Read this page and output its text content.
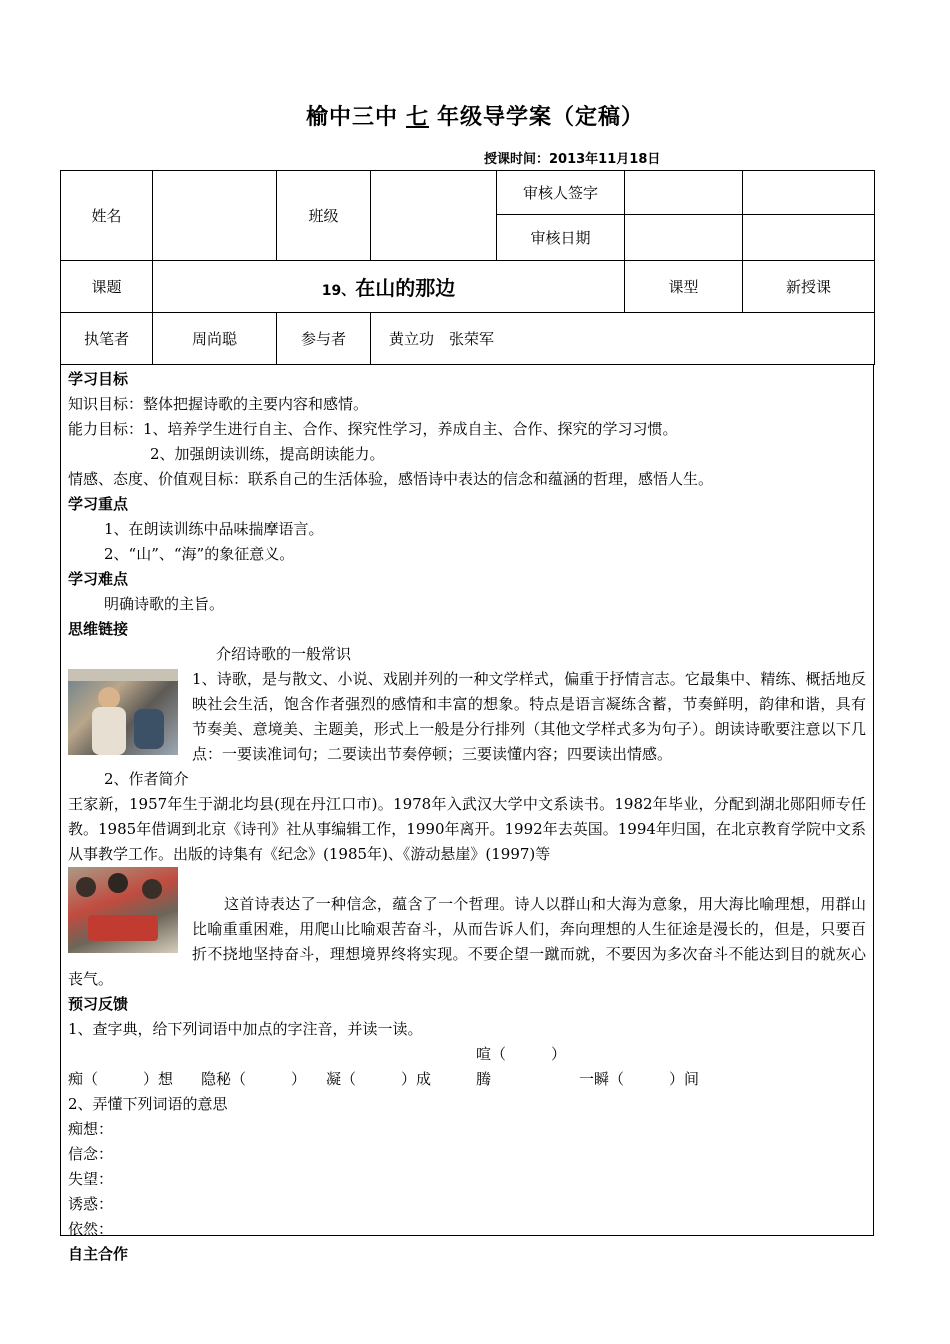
榆中三中 七 年级导学案（定稿）
授课时间：2013年11月18日
姓名		班级		审核人签字		
				审核日期		
课题	19、在山的那边				课型	新授课
执笔者	周尚聪	参与者	黄立功　张荣军			

学习目标

知识目标：整体把握诗歌的主要内容和感情。

能力目标：1、培养学生进行自主、合作、探究性学习，养成自主、合作、探究的学习习惯。

2、加强朗读训练，提高朗读能力。

情感、态度、价值观目标：联系自己的生活体验，感悟诗中表达的信念和蕴涵的哲理，感悟人生。

学习重点

1、在朗读训练中品味揣摩语言。

2、“山”、“海”的象征意义。

学习难点

明确诗歌的主旨。

思维链接

介绍诗歌的一般常识

1、诗歌，是与散文、小说、戏剧并列的一种文学样式，偏重于抒情言志。它最集中、精练、概括地反映社会生活，饱含作者强烈的感情和丰富的想象。特点是语言凝练含蓄，节奏鲜明，韵律和谐，具有节奏美、意境美、主题美，形式上一般是分行排列（其他文学样式多为句子）。朗读诗歌要注意以下几点：一要读准词句；二要读出节奏停顿；三要读懂内容；四要读出情感。

2、作者简介

王家新，1957年生于湖北均县(现在丹江口市)。1978年入武汉大学中文系读书。1982年毕业，分配到湖北郧阳师专任教。1985年借调到北京《诗刊》社从事编辑工作，1990年离开。1992年去英国。1994年归国，在北京教育学院中文系从事教学工作。出版的诗集有《纪念》(1985年)、《游动悬崖》(1997)等

这首诗表达了一种信念，蕴含了一个哲理。诗人以群山和大海为意象，用大海比喻理想，用群山比喻重重困难，用爬山比喻艰苦奋斗，从而告诉人们，奔向理想的人生征途是漫长的，但是，只要百折不挠地坚持奋斗，理想境界终将实现。不要企望一蹴而就，不要因为多次奋斗不能达到目的就灰心丧气。

预习反馈

1、查字典，给下列词语中加点的字注音，并读一读。

痴（　　　）想 隐秘（　　　） 凝（　　　）成喧（　　　）腾	一瞬（　　　）间

2、弄懂下列词语的意思

痴想：

信念：

失望：

诱惑：

依然：

自主合作
